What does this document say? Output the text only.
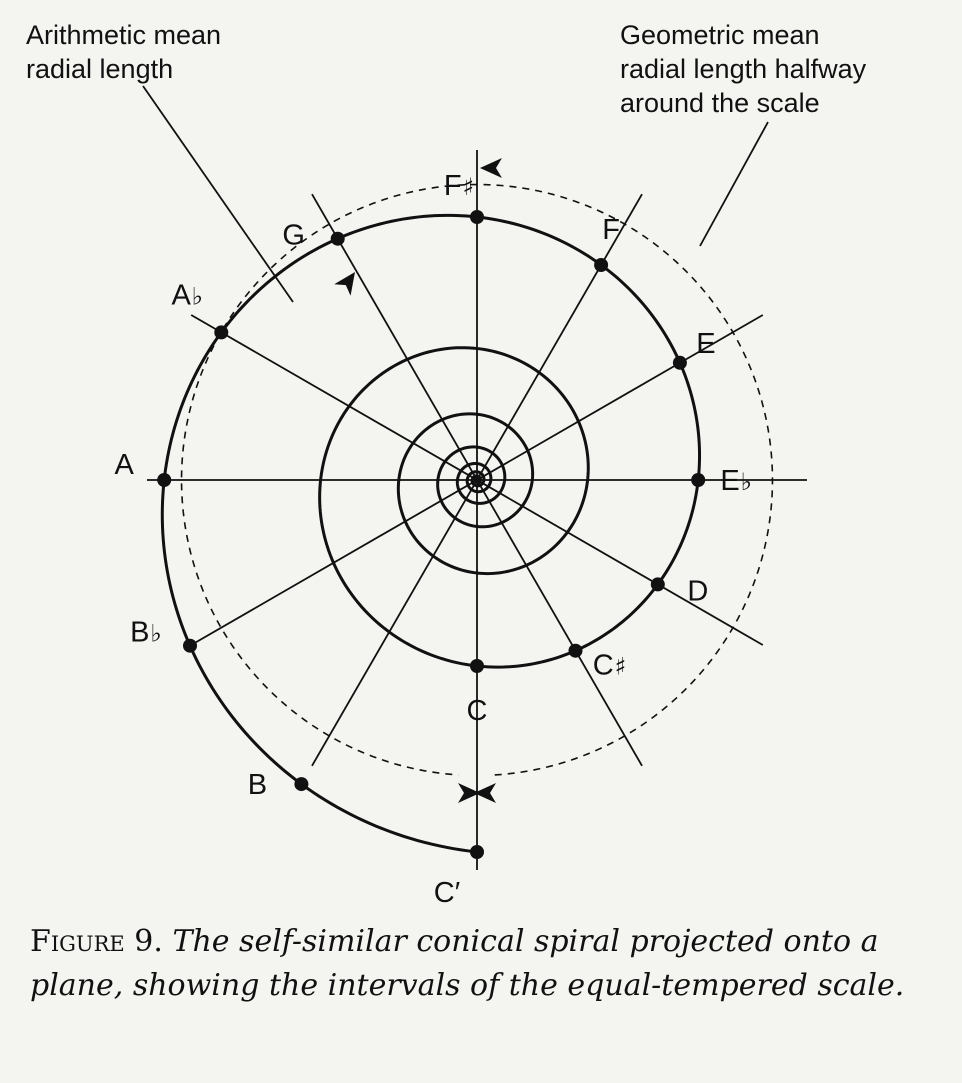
Arithmetic mean
radial length
Geometric mean
radial length halfway
around the scale
C
C♯
D
E♭
E
F
F♯
G
A♭
A
B♭
B
C′

Figure 9. The self-similar conical spiral projected onto a plane, showing the intervals of the equal-tempered scale.
